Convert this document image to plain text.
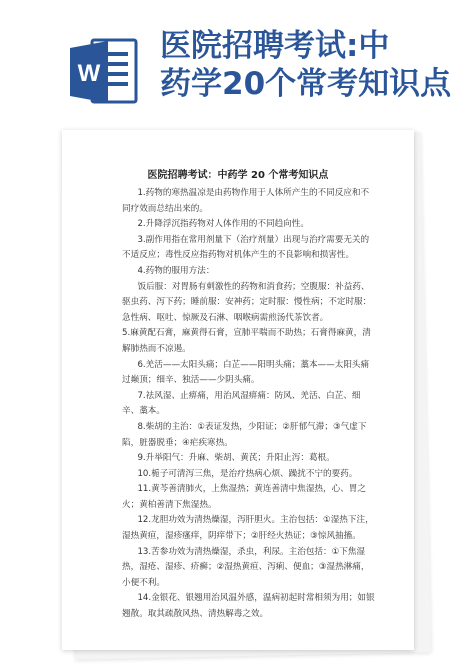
W
医院招聘考试:中
药学20个常考知识点
医院招聘考试：中药学 20 个常考知识点

1.药物的寒热温凉是由药物作用于人体所产生的不同反应和不同疗效而总结出来的。

2.升降浮沉指药物对人体作用的不同趋向性。

3.副作用指在常用剂量下（治疗剂量）出现与治疗需要无关的不适反应；毒性反应指药物对机体产生的不良影响和损害性。

4.药物的服用方法：

饭后服：对胃肠有刺激性的药物和消食药；空腹服：补益药、驱虫药、泻下药；睡前服：安神药；定时服：慢性病；不定时服：急性病、呕吐、惊厥及石淋、咽喉病需煎汤代茶饮者。

5.麻黄配石膏，麻黄得石膏，宣肺平喘而不助热；石膏得麻黄，清解肺热而不凉遏。

6.羌活——太阳头痛；白芷——阳明头痛；藁本——太阳头痛过巅顶；细辛、独活——少阴头痛。

7.祛风湿、止痹痛，用治风湿痹痛：防风、羌活、白芷、细辛、藁本。

8.柴胡的主治：①表证发热，少阳证；②肝郁气滞；③气虚下陷，脏器脱垂；④疟疾寒热。

9.升举阳气：升麻、柴胡、黄芪；升阳止泻：葛根。

10.栀子可清泻三焦，是治疗热病心烦、躁扰不宁的要药。

11.黄芩善清肺火，上焦湿热；黄连善清中焦湿热，心、胃之火；黄柏善清下焦湿热。

12.龙胆功效为清热燥湿，泻肝胆火。主治包括：①湿热下注，湿热黄疸，湿疹瘙痒，阴痒带下；②肝经火热证；③惊风抽搐。

13.苦参功效为清热燥湿，杀虫，利尿。主治包括：①下焦湿热，湿疮、湿疹、疥癣；②湿热黄疸、泻痢、便血；③湿热淋痛，小便不利。

14.金银花、银翘用治风温外感，温病初起时常相须为用；如银翘散。取其疏散风热、清热解毒之效。
